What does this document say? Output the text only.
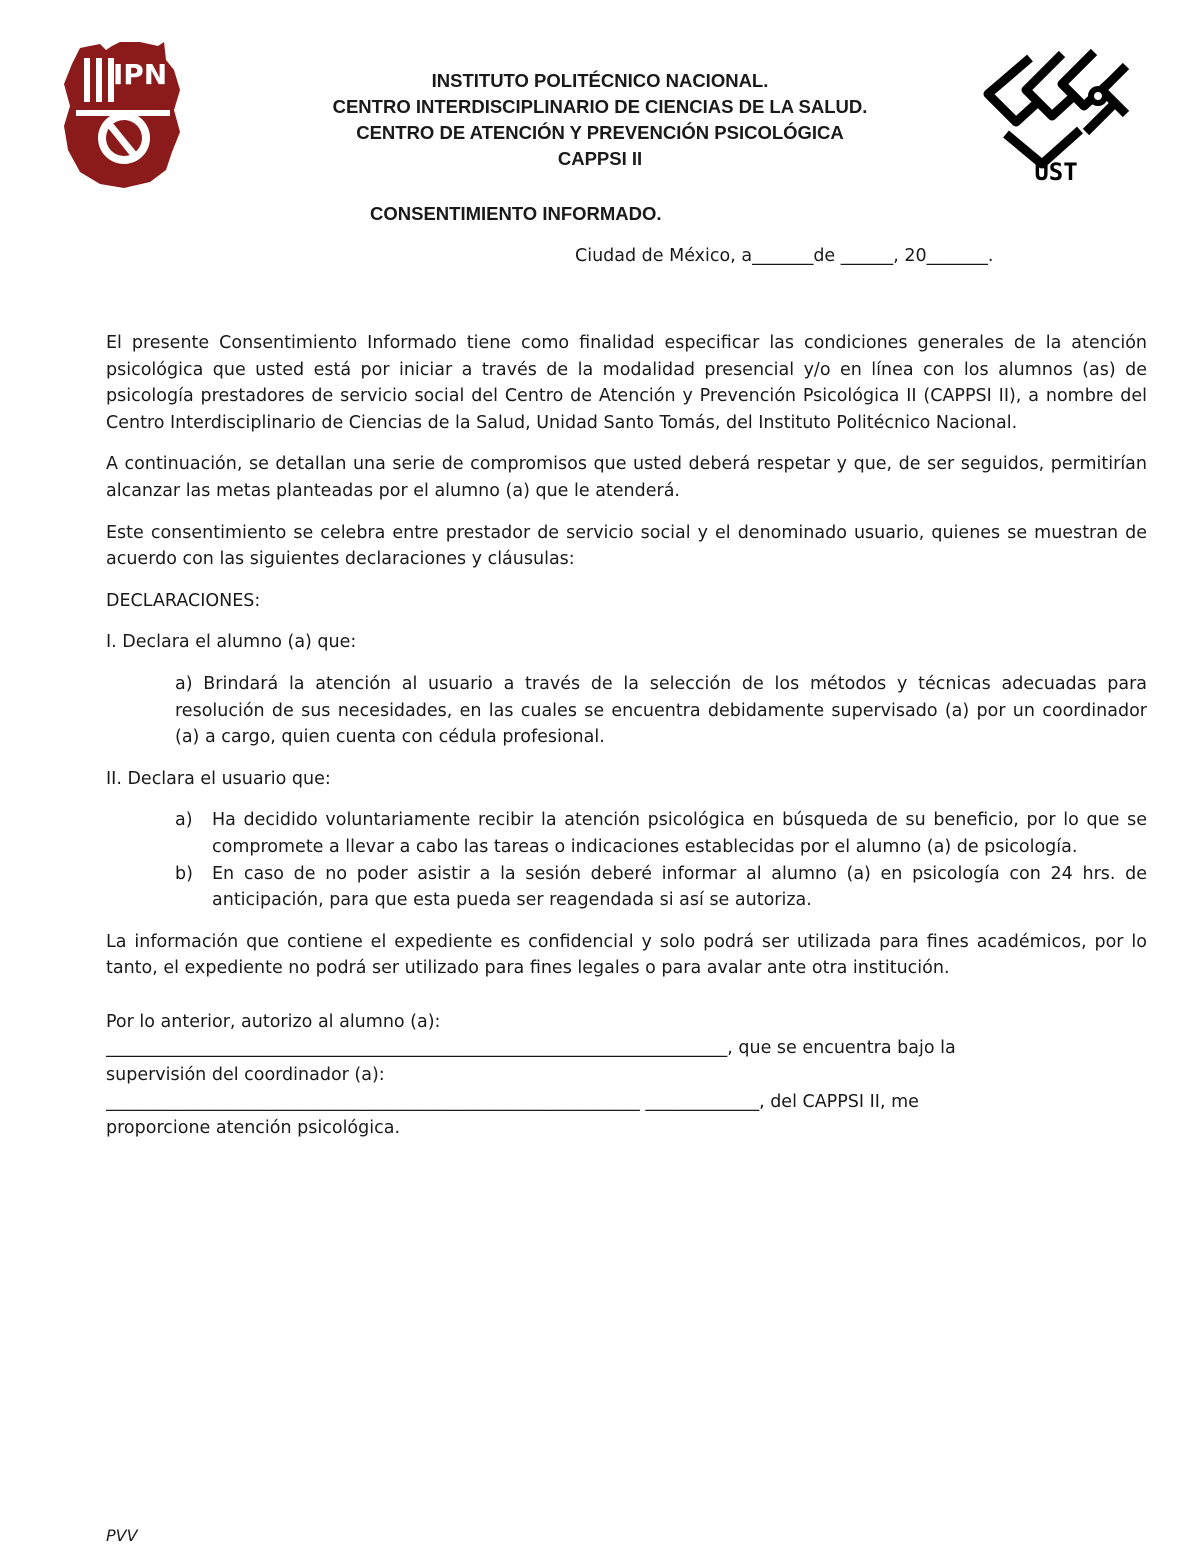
IPN
UST
INSTITUTO POLITÉCNICO NACIONAL.
CENTRO INTERDISCIPLINARIO DE CIENCIAS DE LA SALUD.
CENTRO DE ATENCIÓN Y PREVENCIÓN PSICOLÓGICA
CAPPSI II
CONSENTIMIENTO INFORMADO.
Ciudad de México, a_______de ______, 20_______.

El presente Consentimiento Informado tiene como finalidad especificar las condiciones generales de la atención psicológica que usted está por iniciar a través de la modalidad presencial y/o en línea con los alumnos (as) de psicología prestadores de servicio social del Centro de Atención y Prevención Psicológica II (CAPPSI II), a nombre del Centro Interdisciplinario de Ciencias de la Salud, Unidad Santo Tomás, del Instituto Politécnico Nacional.

A continuación, se detallan una serie de compromisos que usted deberá respetar y que, de ser seguidos, permitirían alcanzar las metas planteadas por el alumno (a) que le atenderá.

Este consentimiento se celebra entre prestador de servicio social y el denominado usuario, quienes se muestran de acuerdo con las siguientes declaraciones y cláusulas:

DECLARACIONES:

I. Declara el alumno (a) que:

a) Brindará la atención al usuario a través de la selección de los métodos y técnicas adecuadas para resolución de sus necesidades, en las cuales se encuentra debidamente supervisado (a) por un coordinador (a) a cargo, quien cuenta con cédula profesional.

II. Declara el usuario que:

a)	Ha decidido voluntariamente recibir la atención psicológica en búsqueda de su beneficio, por lo que se compromete a llevar a cabo las tareas o indicaciones establecidas por el alumno (a) de psicología.
b)	En caso de no poder asistir a la sesión deberé informar al alumno (a) en psicología con 24 hrs. de anticipación, para que esta pueda ser reagendada si así se autoriza.

La información que contiene el expediente es confidencial y solo podrá ser utilizada para fines académicos, por lo tanto, el expediente no podrá ser utilizado para fines legales o para avalar ante otra institución.

Por lo anterior, autorizo al alumno (a):

_______________________________________________________________________, que se encuentra bajo la

supervisión del coordinador (a):

_____________________________________________________________ _____________, del CAPPSI II, me

proporcione atención psicológica.

PVV
